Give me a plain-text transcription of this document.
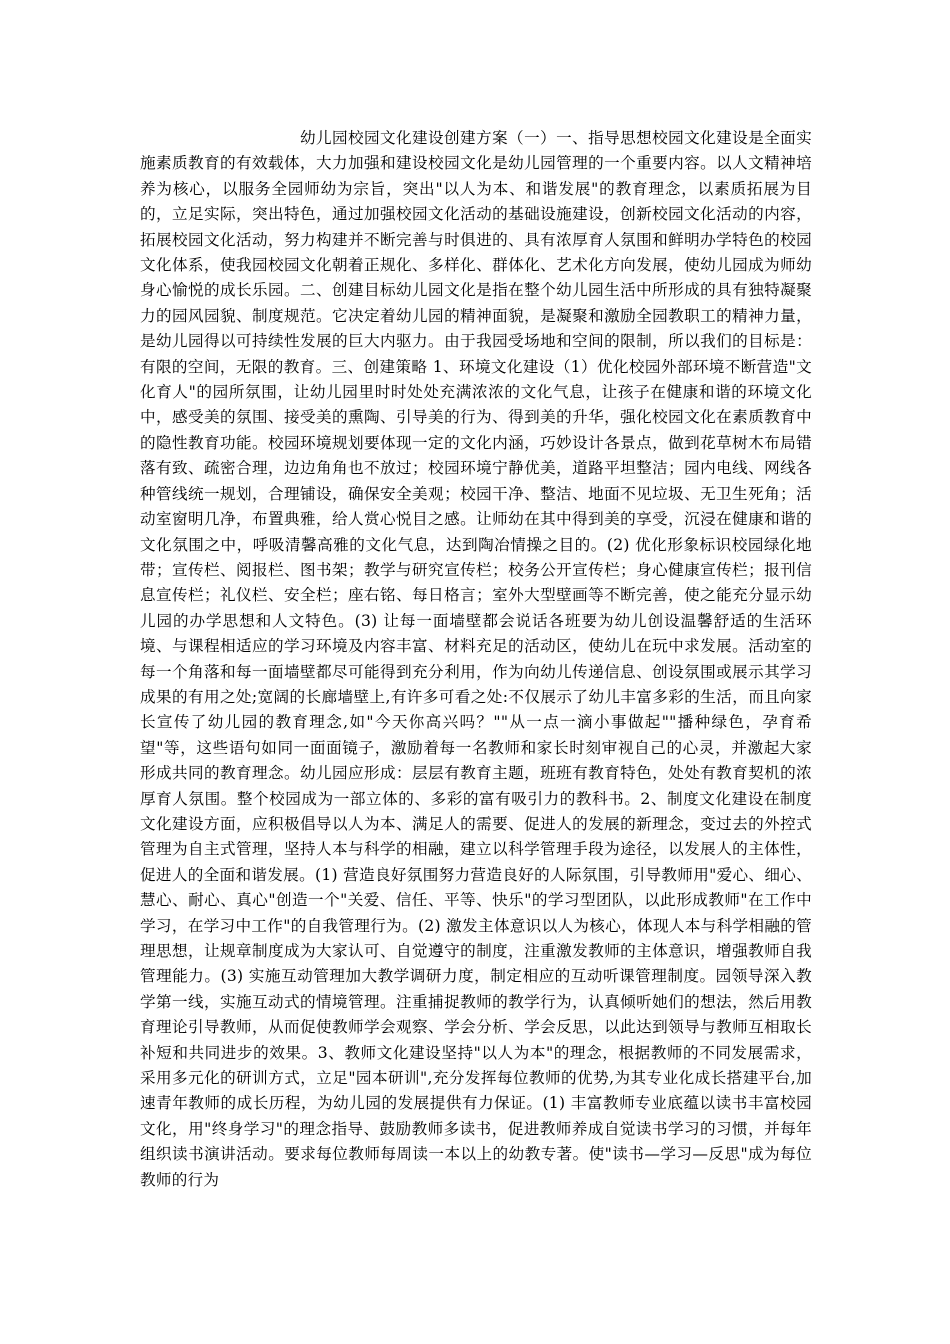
幼儿园校园文化建设创建方案（一）一、指导思想校园文化建设是全面实施素质教育的有效载体，大力加强和建设校园文化是幼儿园管理的一个重要内容。以人文精神培养为核心，以服务全园师幼为宗旨，突出"以人为本、和谐发展"的教育理念，以素质拓展为目的，立足实际，突出特色，通过加强校园文化活动的基础设施建设，创新校园文化活动的内容，拓展校园文化活动，努力构建并不断完善与时俱进的、具有浓厚育人氛围和鲜明办学特色的校园文化体系，使我园校园文化朝着正规化、多样化、群体化、艺术化方向发展，使幼儿园成为师幼身心愉悦的成长乐园。二、创建目标幼儿园文化是指在整个幼儿园生活中所形成的具有独特凝聚力的园风园貌、制度规范。它决定着幼儿园的精神面貌，是凝聚和激励全园教职工的精神力量，是幼儿园得以可持续性发展的巨大内驱力。由于我园受场地和空间的限制，所以我们的目标是：有限的空间，无限的教育。三、创建策略 1、环境文化建设（1）优化校园外部环境不断营造"文化育人"的园所氛围，让幼儿园里时时处处充满浓浓的文化气息，让孩子在健康和谐的环境文化中，感受美的氛围、接受美的熏陶、引导美的行为、得到美的升华，强化校园文化在素质教育中的隐性教育功能。校园环境规划要体现一定的文化内涵，巧妙设计各景点，做到花草树木布局错落有致、疏密合理，边边角角也不放过；校园环境宁静优美，道路平坦整洁；园内电线、网线各种管线统一规划，合理铺设，确保安全美观；校园干净、整洁、地面不见垃圾、无卫生死角；活动室窗明几净，布置典雅，给人赏心悦目之感。让师幼在其中得到美的享受，沉浸在健康和谐的文化氛围之中，呼吸清馨高雅的文化气息，达到陶冶情操之目的。(2) 优化形象标识校园绿化地带；宣传栏、阅报栏、图书架；教学与研究宣传栏；校务公开宣传栏；身心健康宣传栏；报刊信息宣传栏；礼仪栏、安全栏；座右铭、每日格言；室外大型壁画等不断完善，使之能充分显示幼儿园的办学思想和人文特色。(3) 让每一面墙壁都会说话各班要为幼儿创设温馨舒适的生活环境、与课程相适应的学习环境及内容丰富、材料充足的活动区，使幼儿在玩中求发展。活动室的每一个角落和每一面墙壁都尽可能得到充分利用，作为向幼儿传递信息、创设氛围或展示其学习成果的有用之处;宽阔的长廊墙壁上,有许多可看之处:不仅展示了幼儿丰富多彩的生活，而且向家长宣传了幼儿园的教育理念,如"今天你高兴吗？""从一点一滴小事做起""播种绿色，孕育希望"等，这些语句如同一面面镜子，激励着每一名教师和家长时刻审视自己的心灵，并激起大家形成共同的教育理念。幼儿园应形成：层层有教育主题，班班有教育特色，处处有教育契机的浓厚育人氛围。整个校园成为一部立体的、多彩的富有吸引力的教科书。2、制度文化建设在制度文化建设方面，应积极倡导以人为本、满足人的需要、促进人的发展的新理念，变过去的外控式管理为自主式管理，坚持人本与科学的相融，建立以科学管理手段为途径，以发展人的主体性，促进人的全面和谐发展。(1) 营造良好氛围努力营造良好的人际氛围，引导教师用"爱心、细心、慧心、耐心、真心"创造一个"关爱、信任、平等、快乐"的学习型团队，以此形成教师"在工作中学习，在学习中工作"的自我管理行为。(2) 激发主体意识以人为核心，体现人本与科学相融的管理思想，让规章制度成为大家认可、自觉遵守的制度，注重激发教师的主体意识，增强教师自我管理能力。(3) 实施互动管理加大教学调研力度，制定相应的互动听课管理制度。园领导深入教学第一线，实施互动式的情境管理。注重捕捉教师的教学行为，认真倾听她们的想法，然后用教育理论引导教师，从而促使教师学会观察、学会分析、学会反思，以此达到领导与教师互相取长补短和共同进步的效果。3、教师文化建设坚持"以人为本"的理念，根据教师的不同发展需求，采用多元化的研训方式，立足"园本研训",充分发挥每位教师的优势,为其专业化成长搭建平台,加速青年教师的成长历程，为幼儿园的发展提供有力保证。(1) 丰富教师专业底蕴以读书丰富校园文化，用"终身学习"的理念指导、鼓励教师多读书，促进教师养成自觉读书学习的习惯，并每年组织读书演讲活动。要求每位教师每周读一本以上的幼教专著。使"读书—学习—反思"成为每位教师的行为
